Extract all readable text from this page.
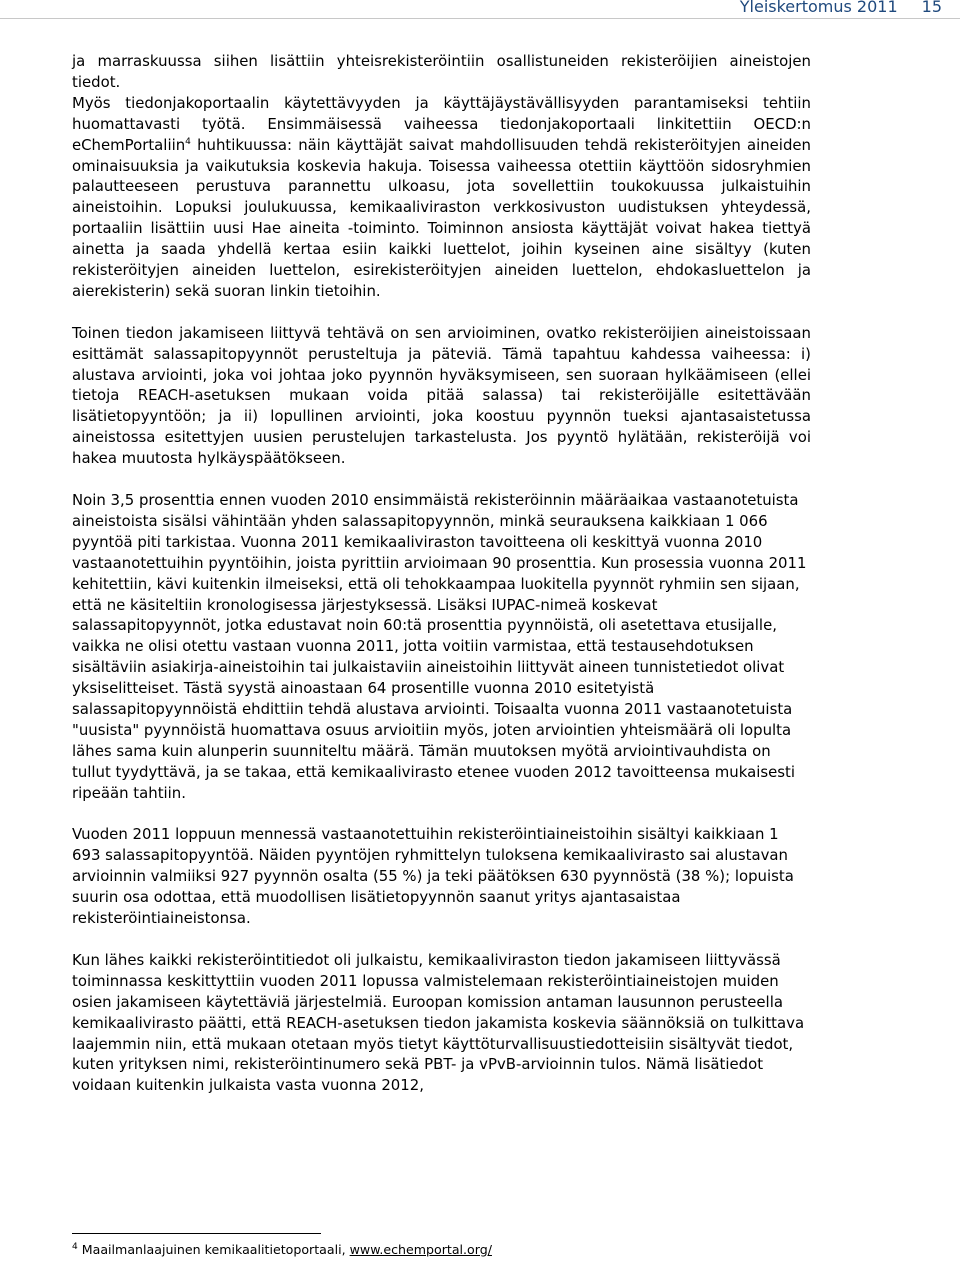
Yleiskertomus 2011 15

ja marraskuussa siihen lisättiin yhteisrekisteröintiin osallistuneiden rekisteröijien aineistojen tiedot.
Myös tiedonjakoportaalin käytettävyyden ja käyttäjäystävällisyyden parantamiseksi tehtiin huomattavasti työtä. Ensimmäisessä vaiheessa tiedonjakoportaali linkitettiin OECD:n eChemPortaliin$^4$ huhtikuussa: näin käyttäjät saivat mahdollisuuden tehdä rekisteröityjen aineiden ominaisuuksia ja vaikutuksia koskevia hakuja. Toisessa vaiheessa otettiin käyttöön sidosryhmien palautteeseen perustuva parannettu ulkoasu, jota sovellettiin toukokuussa julkaistuihin aineistoihin. Lopuksi joulukuussa, kemikaaliviraston verkkosivuston uudistuksen yhteydessä, portaaliin lisättiin uusi Hae aineita -toiminto. Toiminnon ansiosta käyttäjät voivat hakea tiettyä ainetta ja saada yhdellä kertaa esiin kaikki luettelot, joihin kyseinen aine sisältyy (kuten rekisteröityjen aineiden luettelon, esirekisteröityjen aineiden luettelon, ehdokasluettelon ja aierekisterin) sekä suoran linkin tietoihin.

Toinen tiedon jakamiseen liittyvä tehtävä on sen arvioiminen, ovatko rekisteröijien aineistoissaan esittämät salassapitopyynnöt perusteltuja ja päteviä. Tämä tapahtuu kahdessa vaiheessa: i) alustava arviointi, joka voi johtaa joko pyynnön hyväksymiseen, sen suoraan hylkäämiseen (ellei tietoja REACH-asetuksen mukaan voida pitää salassa) tai rekisteröijälle esitettävään lisätietopyyntöön; ja ii) lopullinen arviointi, joka koostuu pyynnön tueksi ajantasaistetussa aineistossa esitettyjen uusien perustelujen tarkastelusta. Jos pyyntö hylätään, rekisteröijä voi hakea muutosta hylkäyspäätökseen.

Noin 3,5 prosenttia ennen vuoden 2010 ensimmäistä rekisteröinnin määräaikaa vastaanotetuista aineistoista sisälsi vähintään yhden salassapitopyynnön, minkä seurauksena kaikkiaan 1 066 pyyntöä piti tarkistaa. Vuonna 2011 kemikaaliviraston tavoitteena oli keskittyä vuonna 2010 vastaanotettuihin pyyntöihin, joista pyrittiin arvioimaan 90 prosenttia. Kun prosessia vuonna 2011 kehitettiin, kävi kuitenkin ilmeiseksi, että oli tehokkaampaa luokitella pyynnöt ryhmiin sen sijaan, että ne käsiteltiin kronologisessa järjestyksessä. Lisäksi IUPAC-nimeä koskevat salassapitopyynnöt, jotka edustavat noin 60:tä prosenttia pyynnöistä, oli asetettava etusijalle, vaikka ne olisi otettu vastaan vuonna 2011, jotta voitiin varmistaa, että testausehdotuksen sisältäviin asiakirja-aineistoihin tai julkaistaviin aineistoihin liittyvät aineen tunnistetiedot olivat yksiselitteiset. Tästä syystä ainoastaan 64 prosentille vuonna 2010 esitetyistä salassapitopyynnöistä ehdittiin tehdä alustava arviointi. Toisaalta vuonna 2011 vastaanotetuista "uusista" pyynnöistä huomattava osuus arvioitiin myös, joten arviointien yhteismäärä oli lopulta lähes sama kuin alunperin suunniteltu määrä. Tämän muutoksen myötä arviointivauhdista on tullut tyydyttävä, ja se takaa, että kemikaalivirasto etenee vuoden 2012 tavoitteensa mukaisesti ripeään tahtiin.

Vuoden 2011 loppuun mennessä vastaanotettuihin rekisteröintiaineistoihin sisältyi kaikkiaan 1 693 salassapitopyyntöä. Näiden pyyntöjen ryhmittelyn tuloksena kemikaalivirasto sai alustavan arvioinnin valmiiksi 927 pyynnön osalta (55 %) ja teki päätöksen 630 pyynnöstä (38 %); lopuista suurin osa odottaa, että muodollisen lisätietopyynnön saanut yritys ajantasaistaa rekisteröintiaineistonsa.

Kun lähes kaikki rekisteröintitiedot oli julkaistu, kemikaaliviraston tiedon jakamiseen liittyvässä toiminnassa keskittyttiin vuoden 2011 lopussa valmistelemaan rekisteröintiaineistojen muiden osien jakamiseen käytettäviä järjestelmiä. Euroopan komission antaman lausunnon perusteella kemikaalivirasto päätti, että REACH-asetuksen tiedon jakamista koskevia säännöksiä on tulkittava laajemmin niin, että mukaan otetaan myös tietyt käyttöturvallisuustiedotteisiin sisältyvät tiedot, kuten yrityksen nimi, rekisteröintinumero sekä PBT- ja vPvB-arvioinnin tulos. Nämä lisätiedot voidaan kuitenkin julkaista vasta vuonna 2012,

$^4$ Maailmanlaajuinen kemikaalitietoportaali, www.echemportal.org/
